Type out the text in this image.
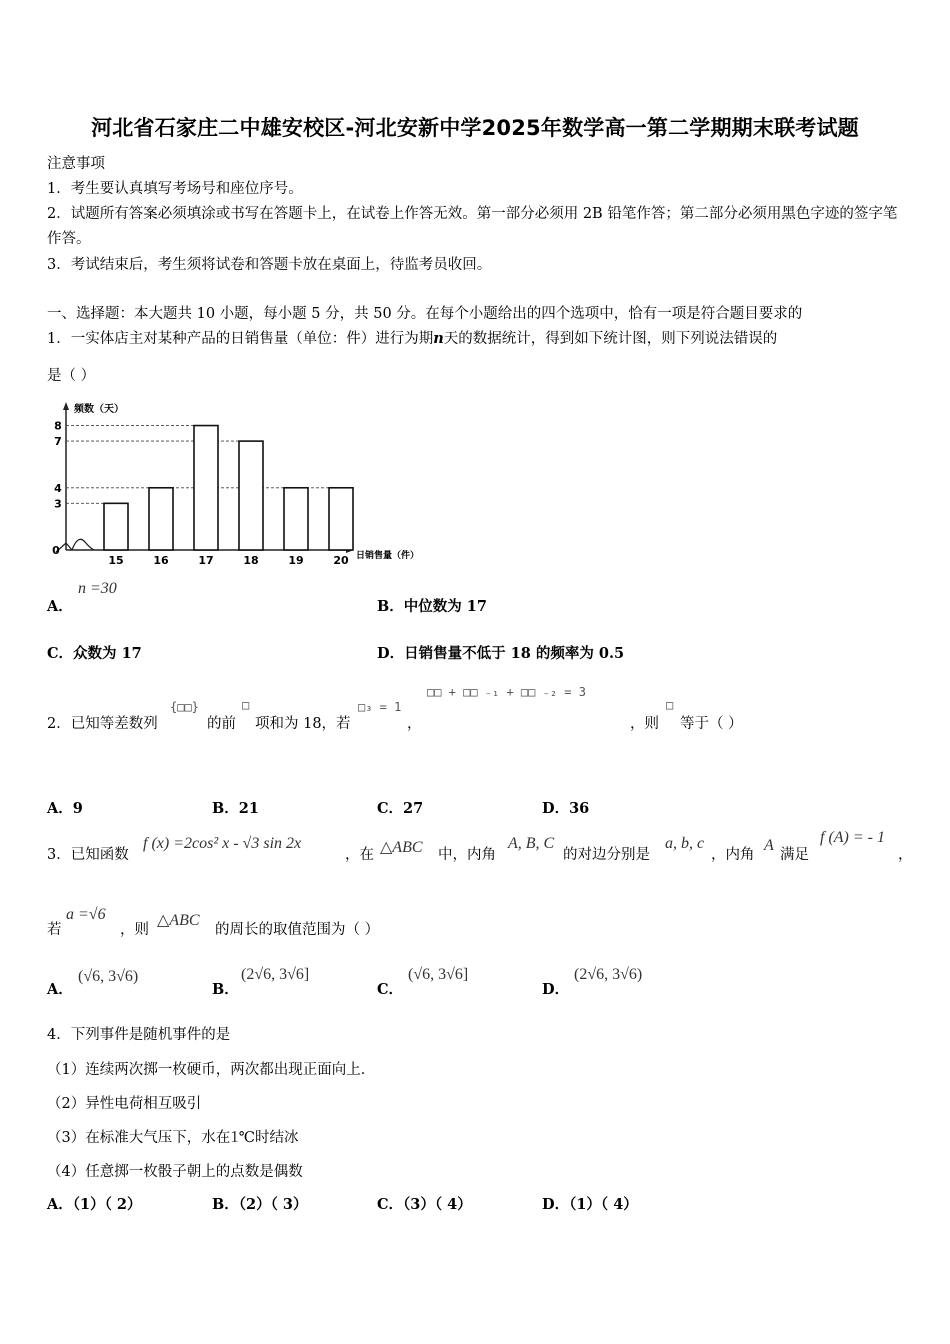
河北省石家庄二中雄安校区-河北安新中学2025年数学高一第二学期期末联考试题
注意事项
1．考生要认真填写考场号和座位序号。
2．试题所有答案必须填涂或书写在答题卡上，在试卷上作答无效。第一部分必须用 2B 铅笔作答；第二部分必须用黑色字迹的签字笔作答。
3．考试结束后，考生须将试卷和答题卡放在桌面上，待监考员收回。
一、选择题：本大题共 10 小题，每小题 5 分，共 50 分。在每个小题给出的四个选项中，恰有一项是符合题目要求的
1．一实体店主对某种产品的日销售量（单位：件）进行为期n天的数据统计，得到如下统计图，则下列说法错误的
是（ ）
频数（天）
日销售量（件）
15	16	17	18	19	20
0
3
4
7
8
A．
n =30
B．中位数为 17
C．众数为 17	D．日销售量不低于 18 的频率为 0.5
2．已知等差数列
{□□}
的前
□
项和为 18，若
□₃ = 1
，
□□ + □□ ₋₁ + □□ ₋₂ = 3
，则
□
等于（ ）
A．9	B．21	C．27	D．36
3．已知函数
f (x) =2cos² x - √3 sin 2x
，在 △ABC 中，内角
A, B, C
的对边分别是
a, b, c
，内角
A
满足
f (A) = - 1
，
若
a =√6
，则
△ABC
的周长的取值范围为（ ）
A．
(√6, 3√6)
B．
(2√6, 3√6]
C．
(√6, 3√6]
D．
(2√6, 3√6)
4．下列事件是随机事件的是
（1）连续两次掷一枚硬币，两次都出现正面向上．
（2）异性电荷相互吸引
（3）在标准大气压下，水在1℃时结冰
（4）任意掷一枚骰子朝上的点数是偶数
A．（1）（ 2）	B．（2）（ 3）	C．（3）（ 4）	D．（1）（ 4）
